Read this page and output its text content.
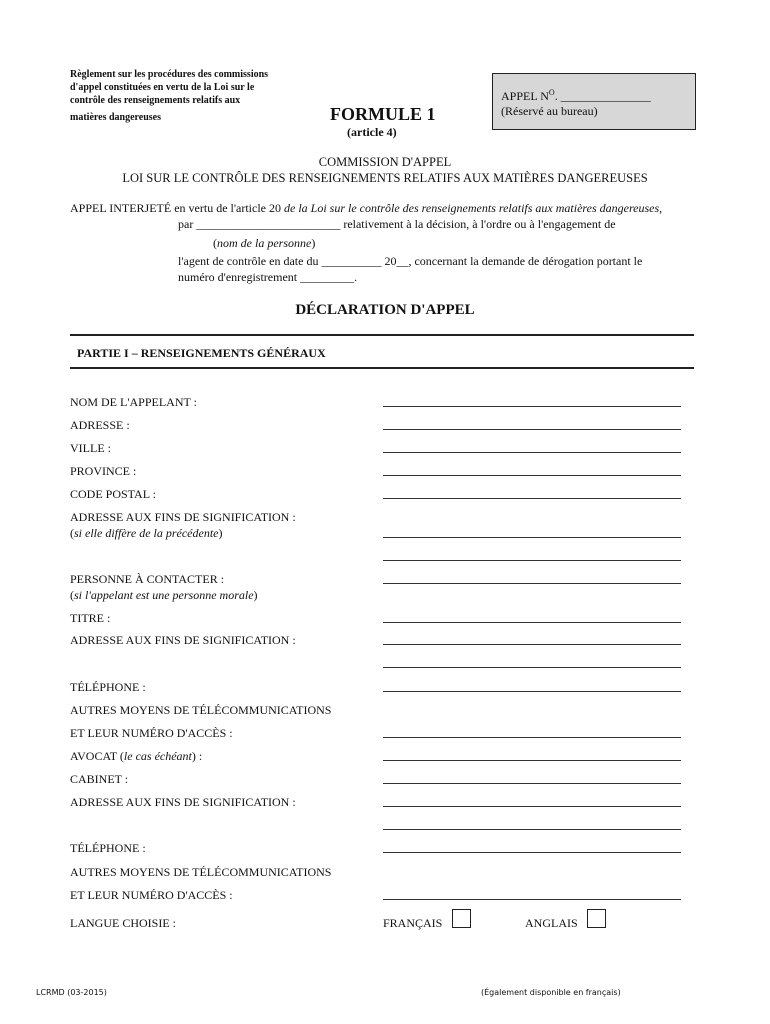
Règlement sur les procédures des commissions
d'appel constituées en vertu de la Loi sur le
contrôle des renseignements relatifs aux
matières dangereuses	FORMULE 1
(article 4)
APPEL $N^O$. _______________
(Réservé au bureau)
COMMISSION D'APPEL
LOI SUR LE CONTRÔLE DES RENSEIGNEMENTS RELATIFS AUX MATIÈRES DANGEREUSES
APPEL INTERJETÉ en vertu de l'article 20 de la Loi sur le contrôle des renseignements relatifs aux matières dangereuses,
par ________________________ relativement à la décision, à l'ordre ou à l'engagement de
(nom de la personne)
l'agent de contrôle en date du __________ 20__, concernant la demande de dérogation portant le
numéro d'enregistrement _________.
DÉCLARATION D'APPEL
PARTIE I – RENSEIGNEMENTS GÉNÉRAUX
NOM DE L'APPELANT :
ADRESSE :
VILLE :
PROVINCE :
CODE POSTAL :
ADRESSE AUX FINS DE SIGNIFICATION :
(si elle diffère de la précédente)
PERSONNE À CONTACTER :
(si l'appelant est une personne morale)
TITRE :
ADRESSE AUX FINS DE SIGNIFICATION :
TÉLÉPHONE :
AUTRES MOYENS DE TÉLÉCOMMUNICATIONS
ET LEUR NUMÉRO D'ACCÈS :
AVOCAT (le cas échéant) :
CABINET :
ADRESSE AUX FINS DE SIGNIFICATION :
TÉLÉPHONE :
AUTRES MOYENS DE TÉLÉCOMMUNICATIONS
ET LEUR NUMÉRO D'ACCÈS :
LANGUE CHOISIE :	FRANÇAIS	ANGLAIS
LCRMD (03-2015)	(Également disponible en français)
